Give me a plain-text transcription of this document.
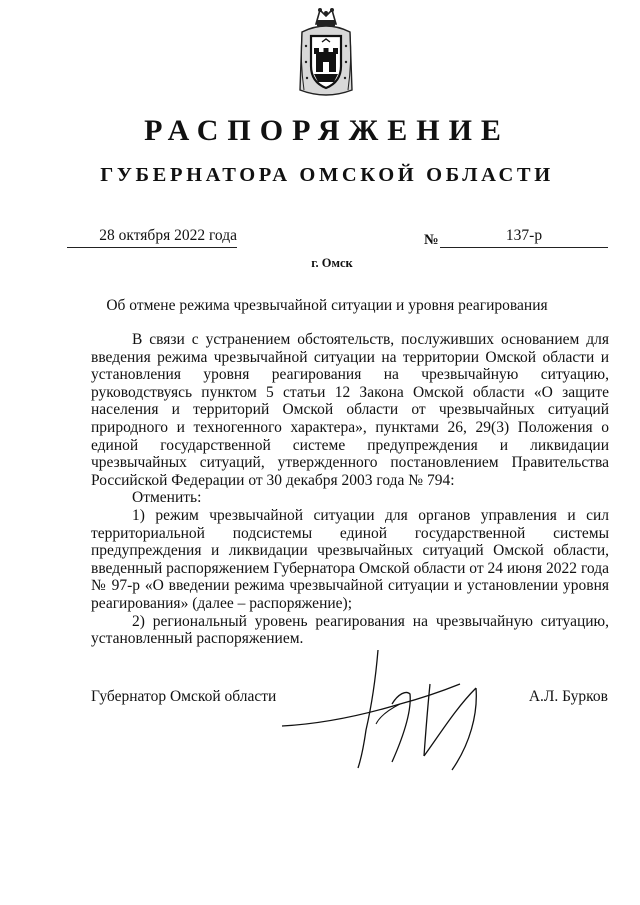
РАСПОРЯЖЕНИЕ
ГУБЕРНАТОРА ОМСКОЙ ОБЛАСТИ
28 октября 2022 года	№	137-р
г. Омск
Об отмене режима чрезвычайной ситуации и уровня реагирования

В связи с устранением обстоятельств, послуживших основанием для введения режима чрезвычайной ситуации на территории Омской области и установления уровня реагирования на чрезвычайную ситуацию, руководствуясь пунктом 5 статьи 12 Закона Омской области «О защите населения и территорий Омской области от чрезвычайных ситуаций природного и техногенного характера», пунктами 26, 29(3) Положения о единой государственной системе предупреждения и ликвидации чрезвычайных ситуаций, утвержденного постановлением Правительства Российской Федерации от 30 декабря 2003 года № 794:

Отменить:

1) режим чрезвычайной ситуации для органов управления и сил территориальной подсистемы единой государственной системы предупреждения и ликвидации чрезвычайных ситуаций Омской области, введенный распоряжением Губернатора Омской области от 24 июня 2022 года № 97-р «О введении режима чрезвычайной ситуации и установлении уровня реагирования» (далее – распоряжение);

2) региональный уровень реагирования на чрезвычайную ситуацию, установленный распоряжением.

Губернатор Омской области	А.Л. Бурков
